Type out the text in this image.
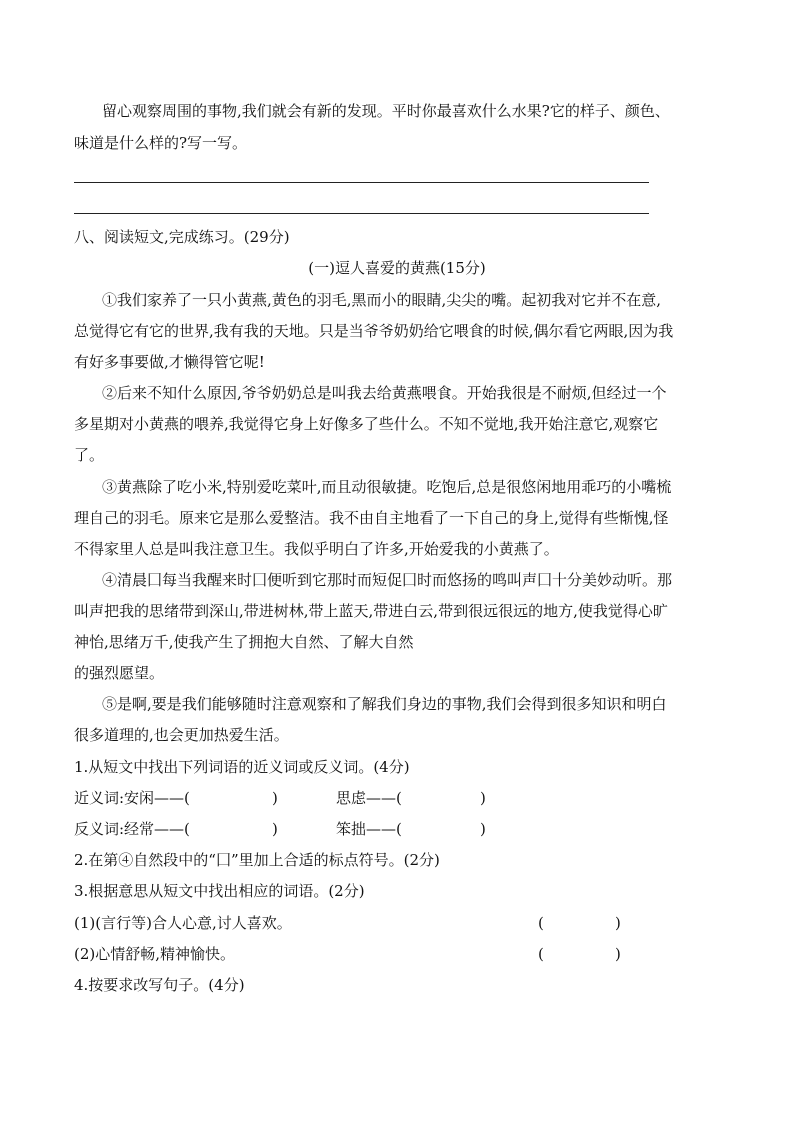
留心观察周围的事物,我们就会有新的发现。平时你最喜欢什么水果?它的样子、颜色、
味道是什么样的?写一写。
八、阅读短文,完成练习。(29分)
(一)逗人喜爱的黄燕(15分)
①我们家养了一只小黄燕,黄色的羽毛,黑而小的眼睛,尖尖的嘴。起初我对它并不在意,
总觉得它有它的世界,我有我的天地。只是当爷爷奶奶给它喂食的时候,偶尔看它两眼,因为我
有好多事要做,才懒得管它呢!
②后来不知什么原因,爷爷奶奶总是叫我去给黄燕喂食。开始我很是不耐烦,但经过一个
多星期对小黄燕的喂养,我觉得它身上好像多了些什么。不知不觉地,我开始注意它,观察它
了。
③黄燕除了吃小米,特别爱吃菜叶,而且动很敏捷。吃饱后,总是很悠闲地用乖巧的小嘴梳
理自己的羽毛。原来它是那么爱整洁。我不由自主地看了一下自己的身上,觉得有些惭愧,怪
不得家里人总是叫我注意卫生。我似乎明白了许多,开始爱我的小黄燕了。
④清晨囗每当我醒来时囗便听到它那时而短促囗时而悠扬的鸣叫声囗十分美妙动听。那
叫声把我的思绪带到深山,带进树林,带上蓝天,带进白云,带到很远很远的地方,使我觉得心旷
神怡,思绪万千,使我产生了拥抱大自然、了解大自然
的强烈愿望。
⑤是啊,要是我们能够随时注意观察和了解我们身边的事物,我们会得到很多知识和明白
很多道理的,也会更加热爱生活。
1.从短文中找出下列词语的近义词或反义词。(4分)
近义词:安闲——(	)	思虑——(	)
反义词:经常——(	)	笨拙——(	)
2.在第④自然段中的“囗”里加上合适的标点符号。(2分)
3.根据意思从短文中找出相应的词语。(2分)
(1)(言行等)合人心意,讨人喜欢。	(	)
(2)心情舒畅,精神愉快。	(	)
4.按要求改写句子。(4分)
